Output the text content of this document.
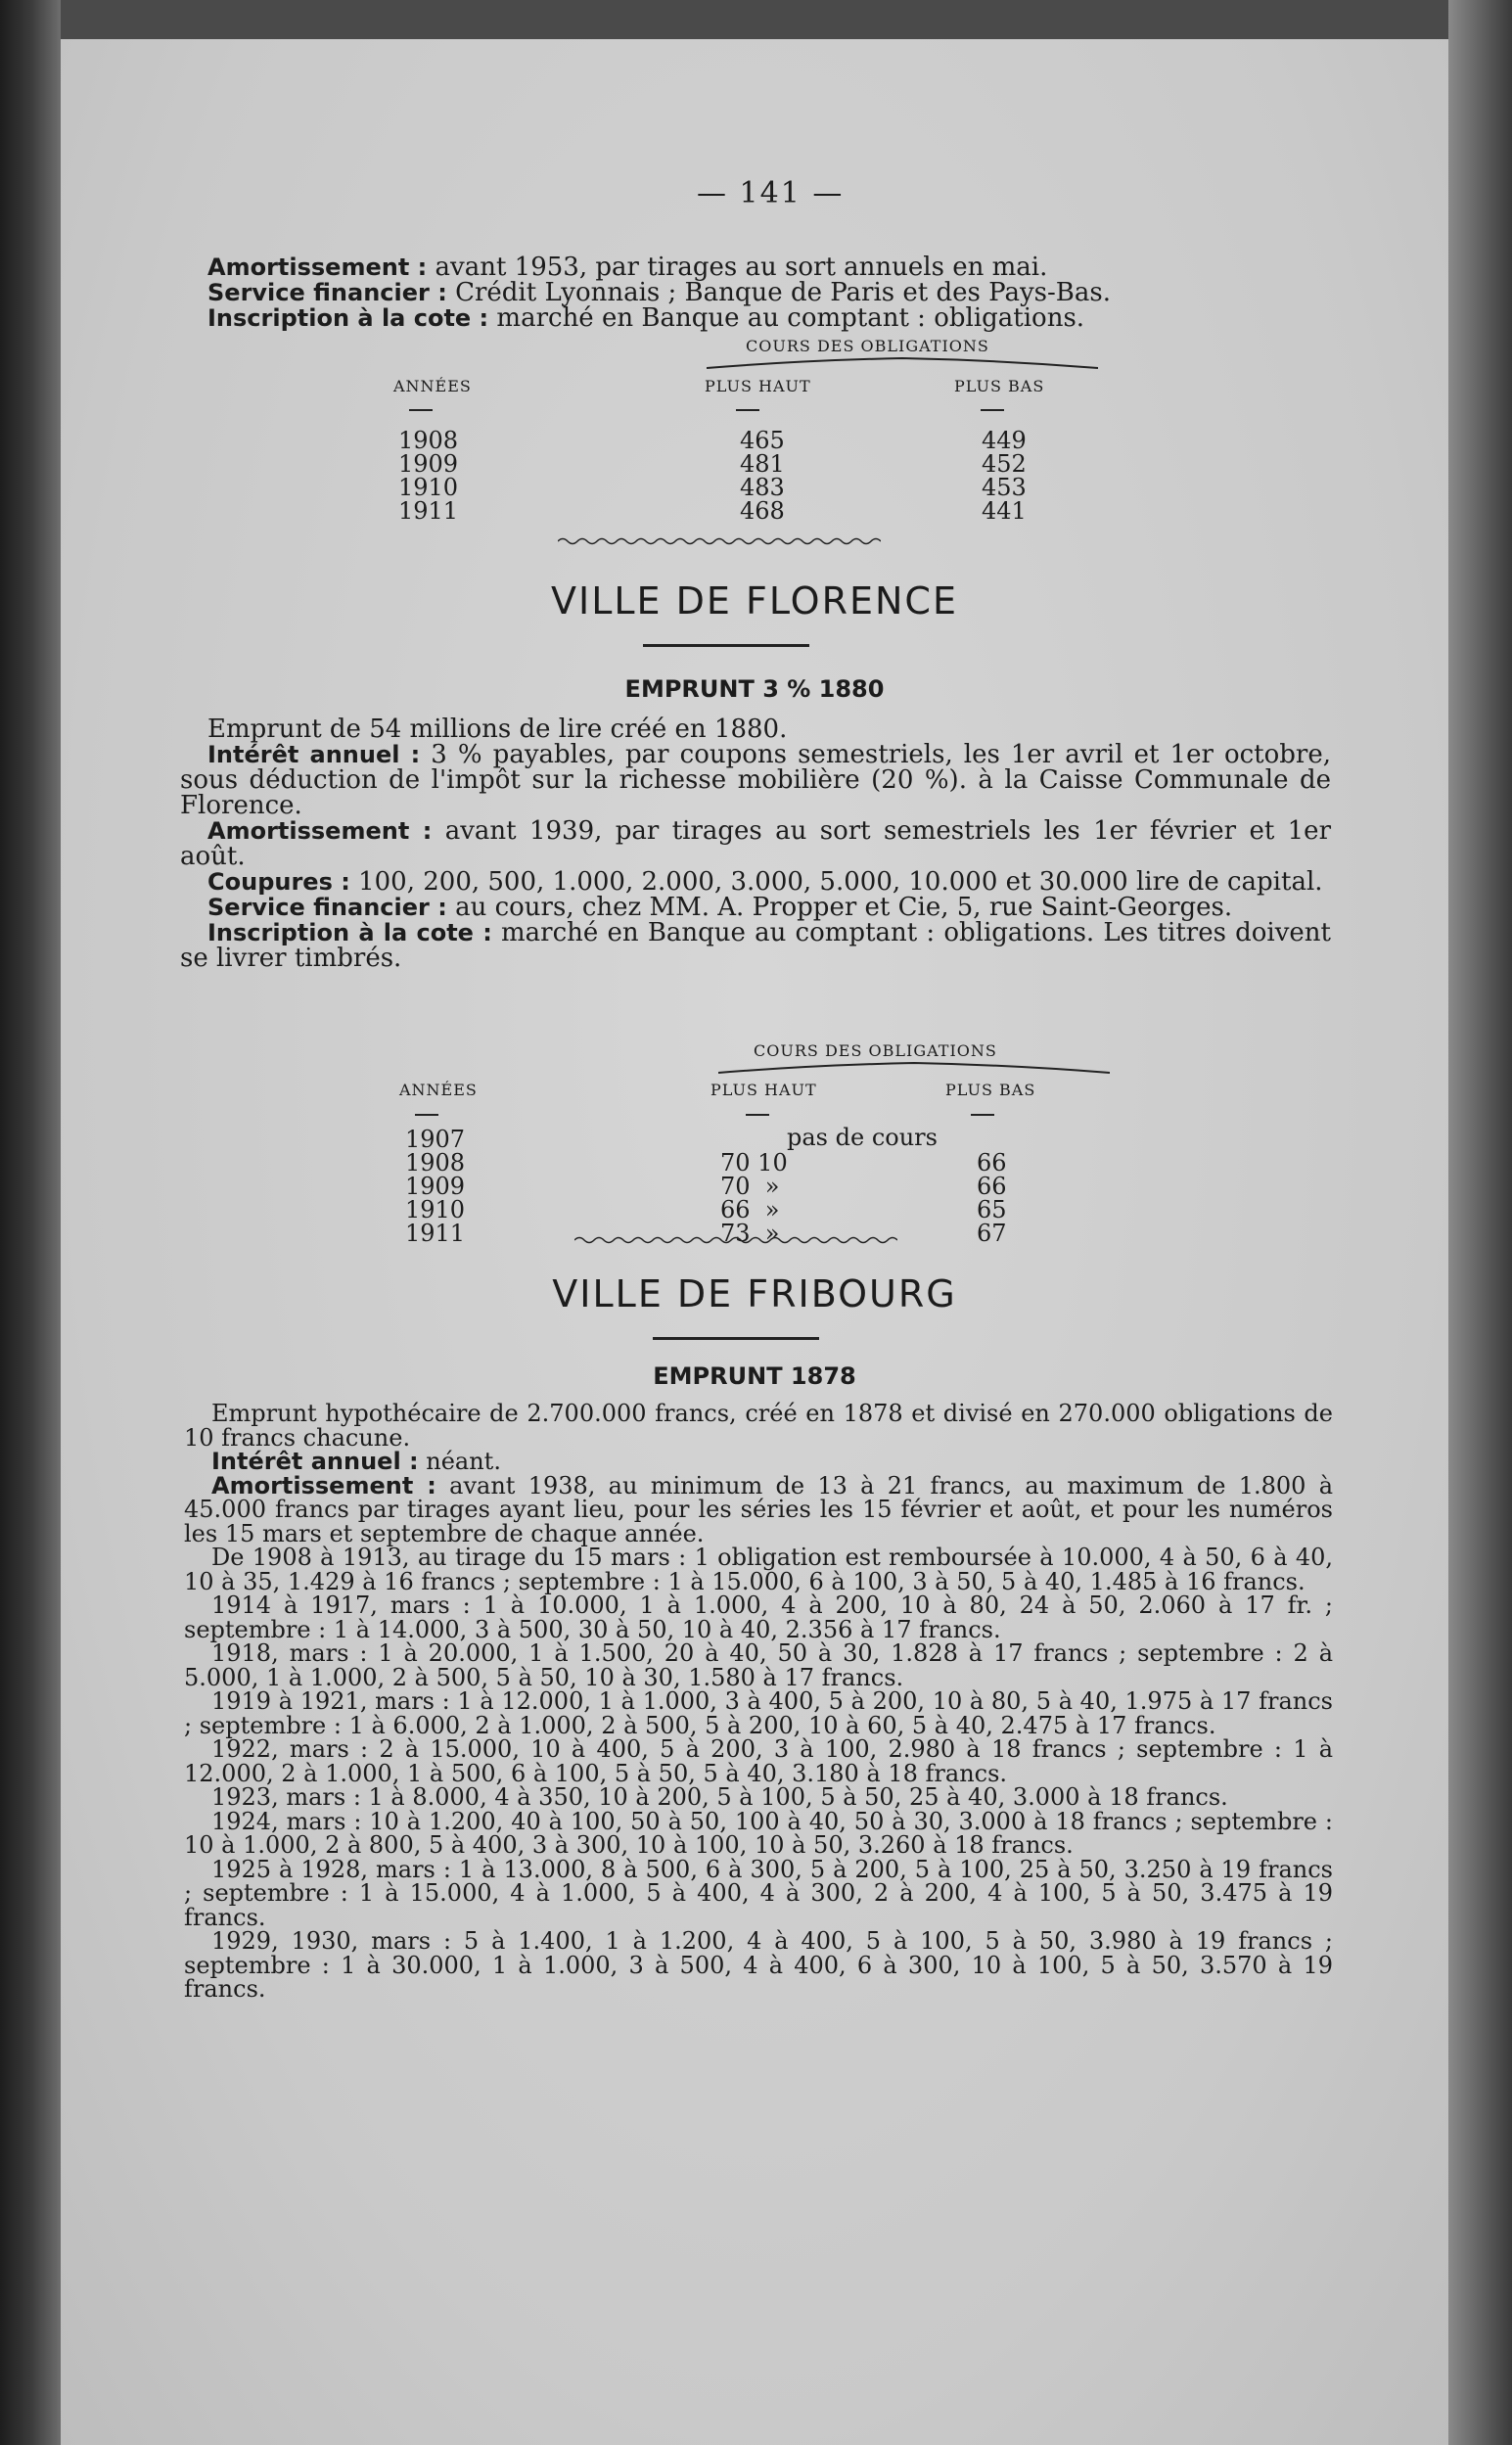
— 141 —
Amortissement : avant 1953, par tirages au sort annuels en mai.
Service financier : Crédit Lyonnais ; Banque de Paris et des Pays-Bas.
Inscription à la cote : marché en Banque au comptant : obligations.
COURS DES OBLIGATIONS
ANNÉES	PLUS HAUT	PLUS BAS
1908	465	449
1909	481	452
1910	483	453
1911	468	441
VILLE DE FLORENCE
EMPRUNT 3 % 1880
Emprunt de 54 millions de lire créé en 1880.
Intérêt annuel : 3 % payables, par coupons semestriels, les 1er avril et 1er octobre, sous déduction de l'impôt sur la richesse mobilière (20 %). à la Caisse Communale de Florence.
Amortissement : avant 1939, par tirages au sort semestriels les 1er février et 1er août.
Coupures : 100, 200, 500, 1.000, 2.000, 3.000, 5.000, 10.000 et 30.000 lire de capital.
Service financier : au cours, chez MM. A. Propper et Cie, 5, rue Saint-Georges.
Inscription à la cote : marché en Banque au comptant : obligations. Les titres doivent se livrer timbrés.
COURS DES OBLIGATIONS
ANNÉES	PLUS HAUT	PLUS BAS
1907	pas de cours
1908	70 10	66
1909	70  »	66
1910	66  »	65
1911	73  »	67
VILLE DE FRIBOURG
EMPRUNT 1878
Emprunt hypothécaire de 2.700.000 francs, créé en 1878 et divisé en 270.000 obligations de 10 francs chacune.
Intérêt annuel : néant.
Amortissement : avant 1938, au minimum de 13 à 21 francs, au maximum de 1.800 à 45.000 francs par tirages ayant lieu, pour les séries les 15 février et août, et pour les numéros les 15 mars et septembre de chaque année.
De 1908 à 1913, au tirage du 15 mars : 1 obligation est remboursée à 10.000, 4 à 50, 6 à 40, 10 à 35, 1.429 à 16 francs ; septembre : 1 à 15.000, 6 à 100, 3 à 50, 5 à 40, 1.485 à 16 francs.
1914 à 1917, mars : 1 à 10.000, 1 à 1.000, 4 à 200, 10 à 80, 24 à 50, 2.060 à 17 fr. ; septembre : 1 à 14.000, 3 à 500, 30 à 50, 10 à 40, 2.356 à 17 francs.
1918, mars : 1 à 20.000, 1 à 1.500, 20 à 40, 50 à 30, 1.828 à 17 francs ; septembre : 2 à 5.000, 1 à 1.000, 2 à 500, 5 à 50, 10 à 30, 1.580 à 17 francs.
1919 à 1921, mars : 1 à 12.000, 1 à 1.000, 3 à 400, 5 à 200, 10 à 80, 5 à 40, 1.975 à 17 francs ; septembre : 1 à 6.000, 2 à 1.000, 2 à 500, 5 à 200, 10 à 60, 5 à 40, 2.475 à 17 francs.
1922, mars : 2 à 15.000, 10 à 400, 5 à 200, 3 à 100, 2.980 à 18 francs ; septembre : 1 à 12.000, 2 à 1.000, 1 à 500, 6 à 100, 5 à 50, 5 à 40, 3.180 à 18 francs.
1923, mars : 1 à 8.000, 4 à 350, 10 à 200, 5 à 100, 5 à 50, 25 à 40, 3.000 à 18 francs.
1924, mars : 10 à 1.200, 40 à 100, 50 à 50, 100 à 40, 50 à 30, 3.000 à 18 francs ; septembre : 10 à 1.000, 2 à 800, 5 à 400, 3 à 300, 10 à 100, 10 à 50, 3.260 à 18 francs.
1925 à 1928, mars : 1 à 13.000, 8 à 500, 6 à 300, 5 à 200, 5 à 100, 25 à 50, 3.250 à 19 francs ; septembre : 1 à 15.000, 4 à 1.000, 5 à 400, 4 à 300, 2 à 200, 4 à 100, 5 à 50, 3.475 à 19 francs.
1929, 1930, mars : 5 à 1.400, 1 à 1.200, 4 à 400, 5 à 100, 5 à 50, 3.980 à 19 francs ; septembre : 1 à 30.000, 1 à 1.000, 3 à 500, 4 à 400, 6 à 300, 10 à 100, 5 à 50, 3.570 à 19 francs.
